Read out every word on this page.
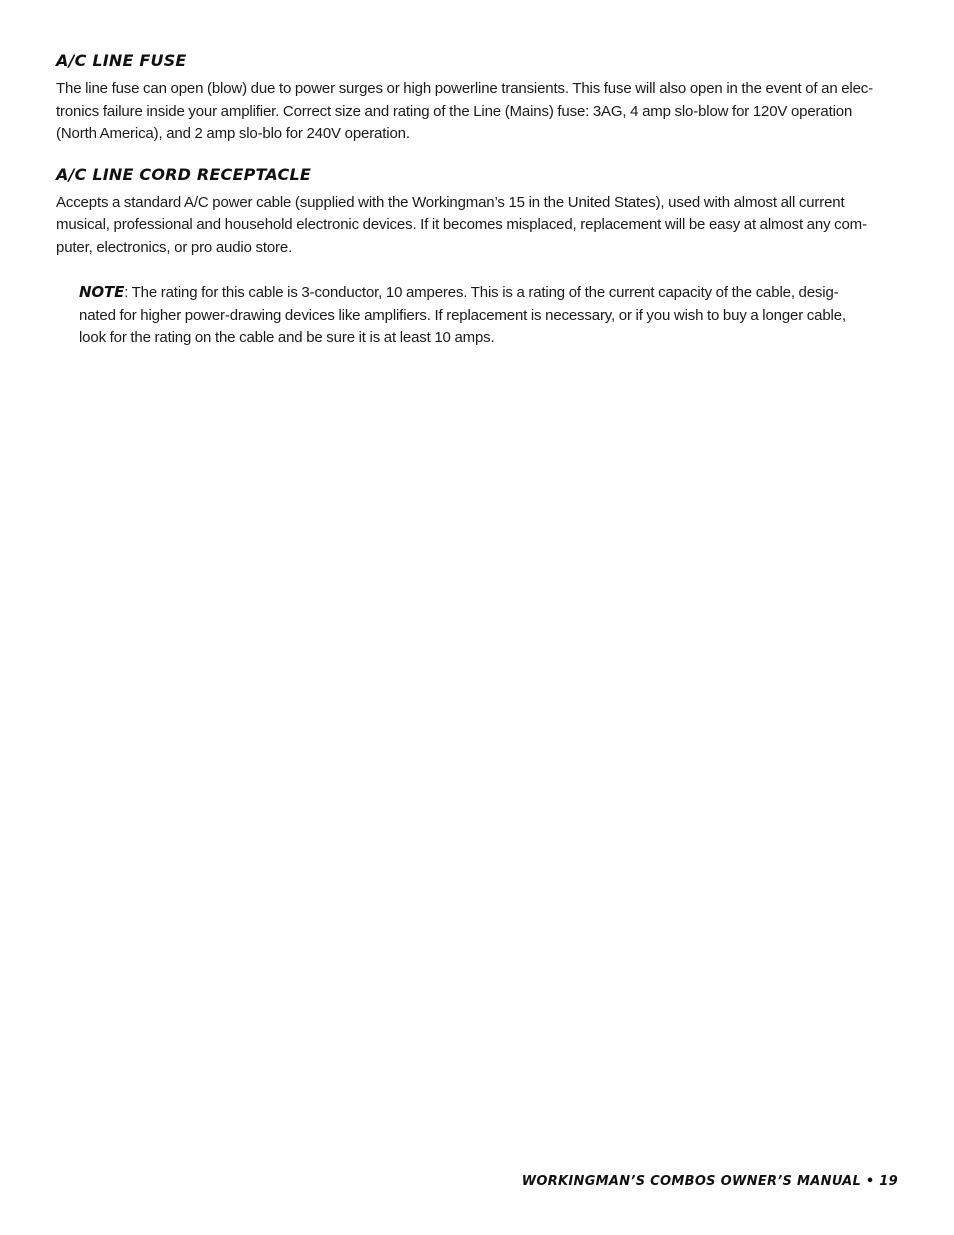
A/C LINE FUSE

The line fuse can open (blow) due to power surges or high powerline transients. This fuse will also open in the event of an elec-
tronics failure inside your amplifier. Correct size and rating of the Line (Mains) fuse: 3AG, 4 amp slo-blow for 120V operation
(North America), and 2 amp slo-blo for 240V operation.

A/C LINE CORD RECEPTACLE

Accepts a standard A/C power cable (supplied with the Workingman’s 15 in the United States), used with almost all current
musical, professional and household electronic devices. If it becomes misplaced, replacement will be easy at almost any com-
puter, electronics, or pro audio store.

NOTE: The rating for this cable is 3-conductor, 10 amperes. This is a rating of the current capacity of the cable, desig-
nated for higher power-drawing devices like amplifiers. If replacement is necessary, or if you wish to buy a longer cable,
look for the rating on the cable and be sure it is at least 10 amps.

WORKINGMAN’S COMBOS OWNER’S MANUAL • 19
